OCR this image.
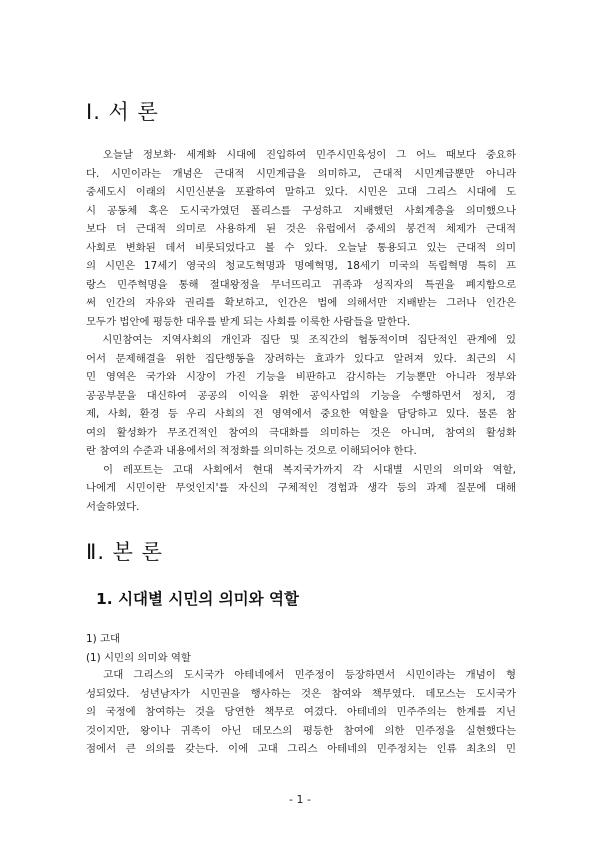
Ⅰ. 서 론
　오늘날 정보화· 세계화 시대에 진입하여 민주시민육성이 그 어느 때보다 중요하
다. 시민이라는 개념은 근대적 시민계급을 의미하고, 근대적 시민계급뿐만 아니라
중세도시 이래의 시민신분을 포괄하여 말하고 있다. 시민은 고대 그리스 시대에 도
시 공동체 혹은 도시국가였던 폴리스를 구성하고 지배했던 사회계층을 의미했으나
보다 더 근대적 의미로 사용하게 된 것은 유럽에서 중세의 봉건적 체제가 근대적
사회로 변화된 데서 비롯되었다고 볼 수 있다. 오늘날 통용되고 있는 근대적 의미
의 시민은 17세기 영국의 청교도혁명과 명예혁명, 18세기 미국의 독립혁명 특히 프
랑스 민주혁명을 통해 절대왕정을 무너뜨리고 귀족과 성직자의 특권을 폐지함으로
써 인간의 자유와 권리를 확보하고, 인간은 법에 의해서만 지배받는 그러나 인간은
모두가 법안에 평등한 대우를 받게 되는 사회를 이룩한 사람들을 말한다.
　시민참여는 지역사회의 개인과 집단 및 조직간의 협동적이며 집단적인 관계에 있
어서 문제해결을 위한 집단행동을 장려하는 효과가 있다고 알려져 있다. 최근의 시
민 영역은 국가와 시장이 가진 기능을 비판하고 감시하는 기능뿐만 아니라 정부와
공공부문을 대신하여 공공의 이익을 위한 공익사업의 기능을 수행하면서 정치, 경
제, 사회, 환경 등 우리 사회의 전 영역에서 중요한 역할을 담당하고 있다. 물론 참
여의 활성화가 무조건적인 참여의 극대화를 의미하는 것은 아니며, 참여의 활성화
란 참여의 수준과 내용에서의 적정화를 의미하는 것으로 이해되어야 한다.
　이 레포트는 고대 사회에서 현대 복지국가까지 각 시대별 시민의 의미와 역할,
나에게 시민이란 무엇인지'를 자신의 구체적인 경험과 생각 등의 과제 질문에 대해
서술하였다.
Ⅱ. 본 론
1. 시대별 시민의 의미와 역할
1) 고대
(1) 시민의 의미와 역할
　고대 그리스의 도시국가 아테네에서 민주정이 등장하면서 시민이라는 개념이 형
성되었다. 성년남자가 시민권을 행사하는 것은 참여와 책무였다. 데모스는 도시국가
의 국정에 참여하는 것을 당연한 책무로 여겼다. 아테네의 민주주의는 한계를 지닌
것이지만, 왕이나 귀족이 아닌 데모스의 평등한 참여에 의한 민주정을 실현했다는
점에서 큰 의의를 갖는다. 이에 고대 그리스 아테네의 민주정치는 인류 최초의 민
- 1 -
